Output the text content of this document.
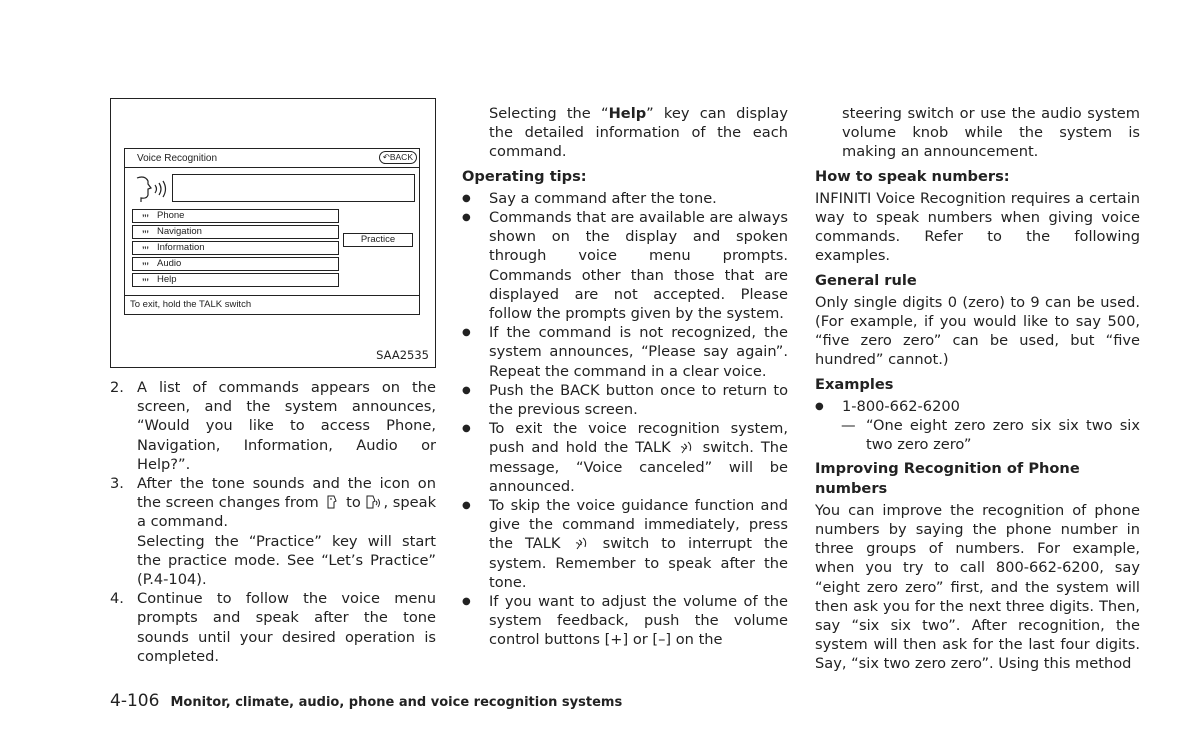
Voice Recognition	↶BACK
’’’ Phone
’’’ Navigation
’’’ Information
’’’ Audio
’’’ Help
Practice
To exit, hold the TALK switch
SAA2535

2. A list of commands appears on the screen, and the system announces, “Would you like to access Phone, Navigation, Information, Audio or Help?”.

3. After the tone sounds and the icon on the screen changes from to , speak a command.

Selecting the “Practice” key will start the practice mode. See “Let’s Practice” (P.4-104).

4. Continue to follow the voice menu prompts and speak after the tone sounds until your desired operation is completed.

Selecting the “Help” key can display the detailed information of the each command.

Operating tips:

● Say a command after the tone.

● Commands that are available are always shown on the display and spoken through voice menu prompts. Commands other than those that are displayed are not accepted. Please follow the prompts given by the system.

● If the command is not recognized, the system announces, “Please say again”. Repeat the command in a clear voice.

● Push the BACK button once to return to the previous screen.

● To exit the voice recognition system, push and hold the TALK switch. The message, “Voice canceled” will be announced.

● To skip the voice guidance function and give the command immediately, press the TALK	switch to interrupt the system. Remember to speak after the tone.

● If you want to adjust the volume of the system feedback, push the volume control buttons [+] or [–] on the

steering switch or use the audio system volume knob while the system is making an announcement.

How to speak numbers:

INFINITI Voice Recognition requires a certain way to speak numbers when giving voice commands. Refer to the following examples.

General rule

Only single digits 0 (zero) to 9 can be used. (For example, if you would like to say 500, “five zero zero” can be used, but “five hundred” cannot.)

Examples

● 1-800-662-6200

— “One eight zero zero six six two six two zero zero”

Improving Recognition of Phone numbers

You can improve the recognition of phone numbers by saying the phone number in three groups of numbers. For example, when you try to call 800-662-6200, say “eight zero zero” first, and the system will then ask you for the next three digits. Then, say “six six two”. After recognition, the system will then ask for the last four digits. Say, “six two zero zero”. Using this method

4-106 Monitor, climate, audio, phone and voice recognition systems
